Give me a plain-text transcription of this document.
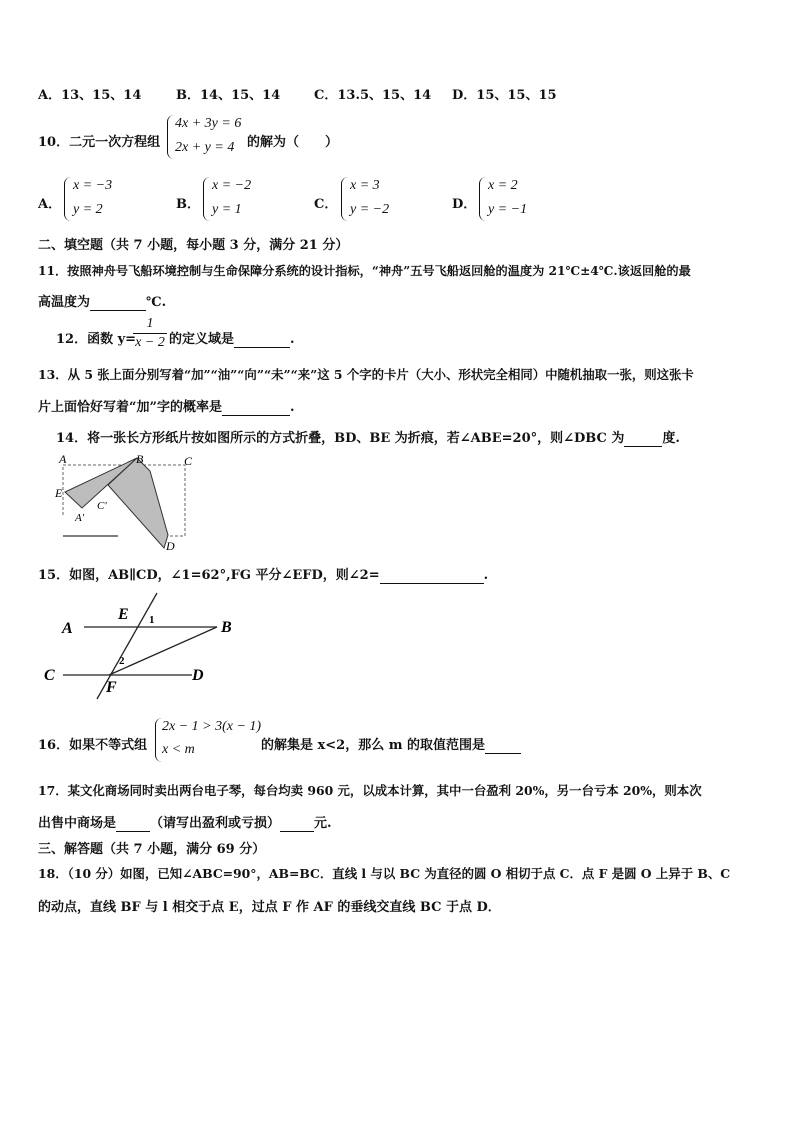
A．13、15、14	B．14、15、14	C．13.5、15、14 D．15、15、15
10．二元一次方程组
4x + 3y = 6
2x + y = 4 的解为（　　）
A．
x = −3
y = 2	B．
x = −2
y = 1	C．
x = 3
y = −2	D．
x = 2
y = −1
二、填空题（共 7 小题，每小题 3 分，满分 21 分）
11．按照神舟号飞船环境控制与生命保障分系统的设计指标，“神舟”五号飞船返回舱的温度为 21℃±4℃.该返回舱的最
高温度为	℃.
12．函数 y=
1
x − 2 的定义域是	.
13．从 5 张上面分别写着“加”“油”“向”“未”“来”这 5 个字的卡片（大小、形状完全相同）中随机抽取一张，则这张卡
片上面恰好写着“加”字的概率是	.
14．将一张长方形纸片按如图所示的方式折叠，BD、BE 为折痕，若∠ABE=20°，则∠DBC 为	度.
A	B	C
E
A′
C′
D
15．如图，AB∥CD，∠1=62°,FG 平分∠EFD，则∠2=	.
A	B
C	D
E
F
1
2
16．如果不等式组
2x − 1 > 3(x − 1)
x < m	的解集是 x<2，那么 m 的取值范围是
17．某文化商场同时卖出两台电子琴，每台均卖 960 元，以成本计算，其中一台盈利 20%，另一台亏本 20%，则本次
出售中商场是	（请写出盈利或亏损）	元.
三、解答题（共 7 小题，满分 69 分）
18．（10 分）如图，已知∠ABC=90°，AB=BC．直线 l 与以 BC 为直径的圆 O 相切于点 C．点 F 是圆 O 上异于 B、C
的动点，直线 BF 与 l 相交于点 E，过点 F 作 AF 的垂线交直线 BC 于点 D．
